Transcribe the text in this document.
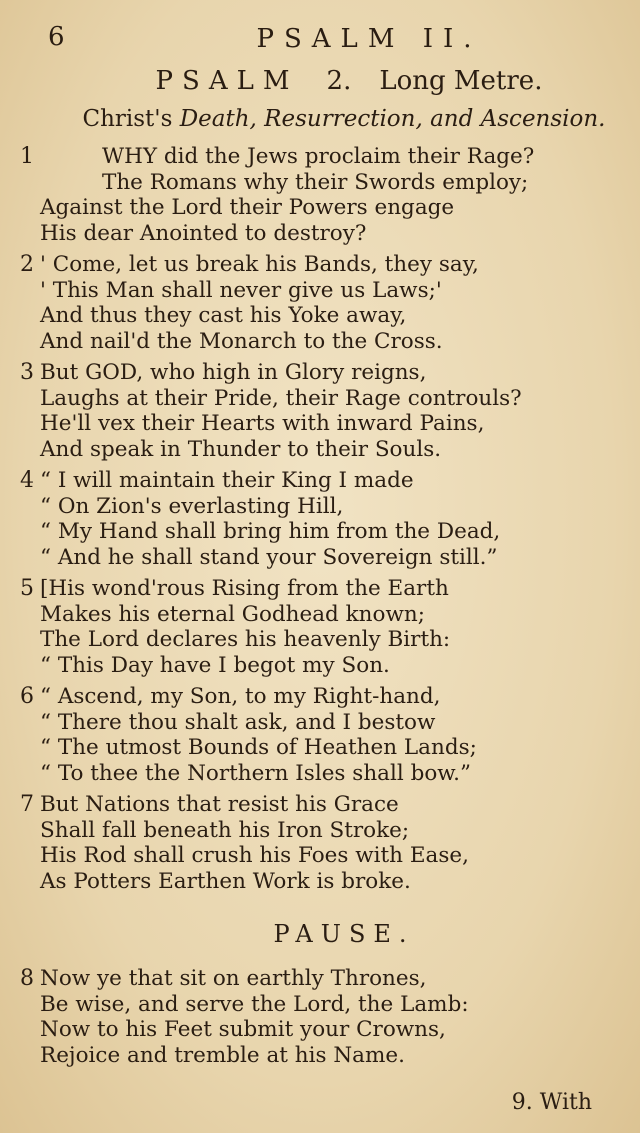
6	PSALM II.
PSALM 2. Long Metre.
Christ's Death, Resurrection, and Ascension.
1	WHY did the Jews proclaim their Rage?
The Romans why their Swords employ;
Against the Lord their Powers engage
His dear Anointed to destroy?
2 ' Come, let us break his Bands, they say,
' This Man shall never give us Laws;'
And thus they cast his Yoke away,
And nail'd the Monarch to the Cross.
3 But GOD, who high in Glory reigns,
Laughs at their Pride, their Rage controuls?
He'll vex their Hearts with inward Pains,
And speak in Thunder to their Souls.
4 “ I will maintain their King I made
“ On Zion's everlasting Hill,
“ My Hand shall bring him from the Dead,
“ And he shall stand your Sovereign still.”
5 [His wond'rous Rising from the Earth
Makes his eternal Godhead known;
The Lord declares his heavenly Birth:
“ This Day have I begot my Son.
6 “ Ascend, my Son, to my Right-hand,
“ There thou shalt ask, and I bestow
“ The utmost Bounds of Heathen Lands;
“ To thee the Northern Isles shall bow.”
7 But Nations that resist his Grace
Shall fall beneath his Iron Stroke;
His Rod shall crush his Foes with Ease,
As Potters Earthen Work is broke.
PAUSE.
8 Now ye that sit on earthly Thrones,
Be wise, and serve the Lord, the Lamb:
Now to his Feet submit your Crowns,
Rejoice and tremble at his Name.
9. With
